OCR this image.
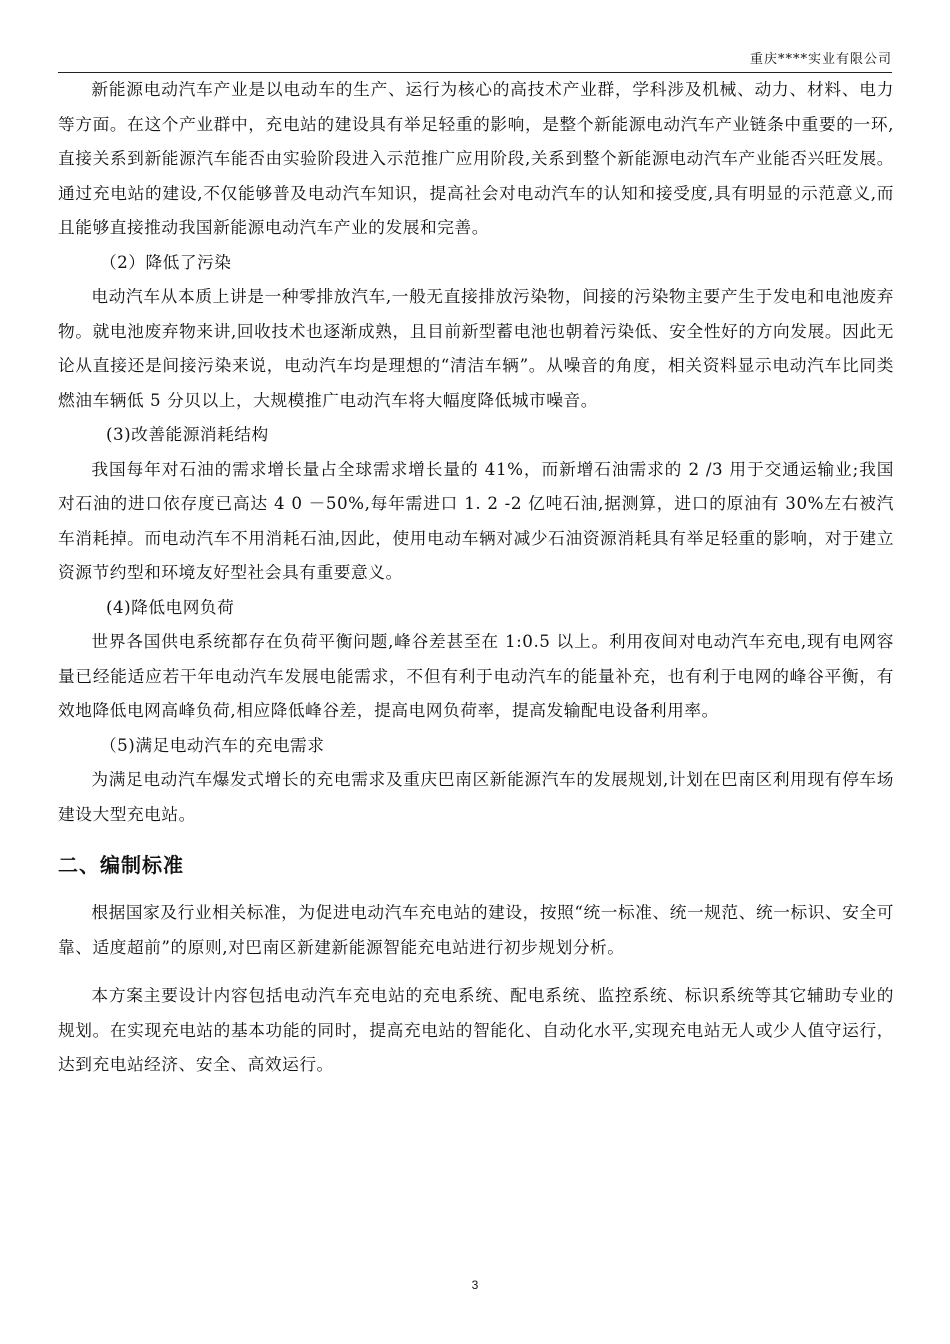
重庆****实业有限公司

新能源电动汽车产业是以电动车的生产、运行为核心的高技术产业群，学科涉及机械、动力、材料、电力等方面。在这个产业群中，充电站的建设具有举足轻重的影响，是整个新能源电动汽车产业链条中重要的一环,直接关系到新能源汽车能否由实验阶段进入示范推广应用阶段,关系到整个新能源电动汽车产业能否兴旺发展。通过充电站的建设,不仅能够普及电动汽车知识，提高社会对电动汽车的认知和接受度,具有明显的示范意义,而且能够直接推动我国新能源电动汽车产业的发展和完善。

（2）降低了污染

电动汽车从本质上讲是一种零排放汽车,一般无直接排放污染物，间接的污染物主要产生于发电和电池废弃物。就电池废弃物来讲,回收技术也逐渐成熟，且目前新型蓄电池也朝着污染低、安全性好的方向发展。因此无论从直接还是间接污染来说，电动汽车均是理想的“清洁车辆”。从噪音的角度，相关资料显示电动汽车比同类燃油车辆低 5 分贝以上，大规模推广电动汽车将大幅度降低城市噪音。

(3)改善能源消耗结构

我国每年对石油的需求增长量占全球需求增长量的 41%，而新增石油需求的 2 /3 用于交通运输业;我国对石油的进口依存度已高达 4 0 －50%,每年需进口 1. 2 -2 亿吨石油,据测算，进口的原油有 30%左右被汽车消耗掉。而电动汽车不用消耗石油,因此，使用电动车辆对减少石油资源消耗具有举足轻重的影响，对于建立资源节约型和环境友好型社会具有重要意义。

(4)降低电网负荷

世界各国供电系统都存在负荷平衡问题,峰谷差甚至在 1:0.5 以上。利用夜间对电动汽车充电,现有电网容量已经能适应若干年电动汽车发展电能需求，不但有利于电动汽车的能量补充，也有利于电网的峰谷平衡，有效地降低电网高峰负荷,相应降低峰谷差，提高电网负荷率，提高发输配电设备利用率。

（5)满足电动汽车的充电需求

为满足电动汽车爆发式增长的充电需求及重庆巴南区新能源汽车的发展规划,计划在巴南区利用现有停车场建设大型充电站。

二、编制标准

根据国家及行业相关标准，为促进电动汽车充电站的建设，按照“统一标准、统一规范、统一标识、安全可靠、适度超前”的原则,对巴南区新建新能源智能充电站进行初步规划分析。

本方案主要设计内容包括电动汽车充电站的充电系统、配电系统、监控系统、标识系统等其它辅助专业的规划。在实现充电站的基本功能的同时，提高充电站的智能化、自动化水平,实现充电站无人或少人值守运行，达到充电站经济、安全、高效运行。

3
